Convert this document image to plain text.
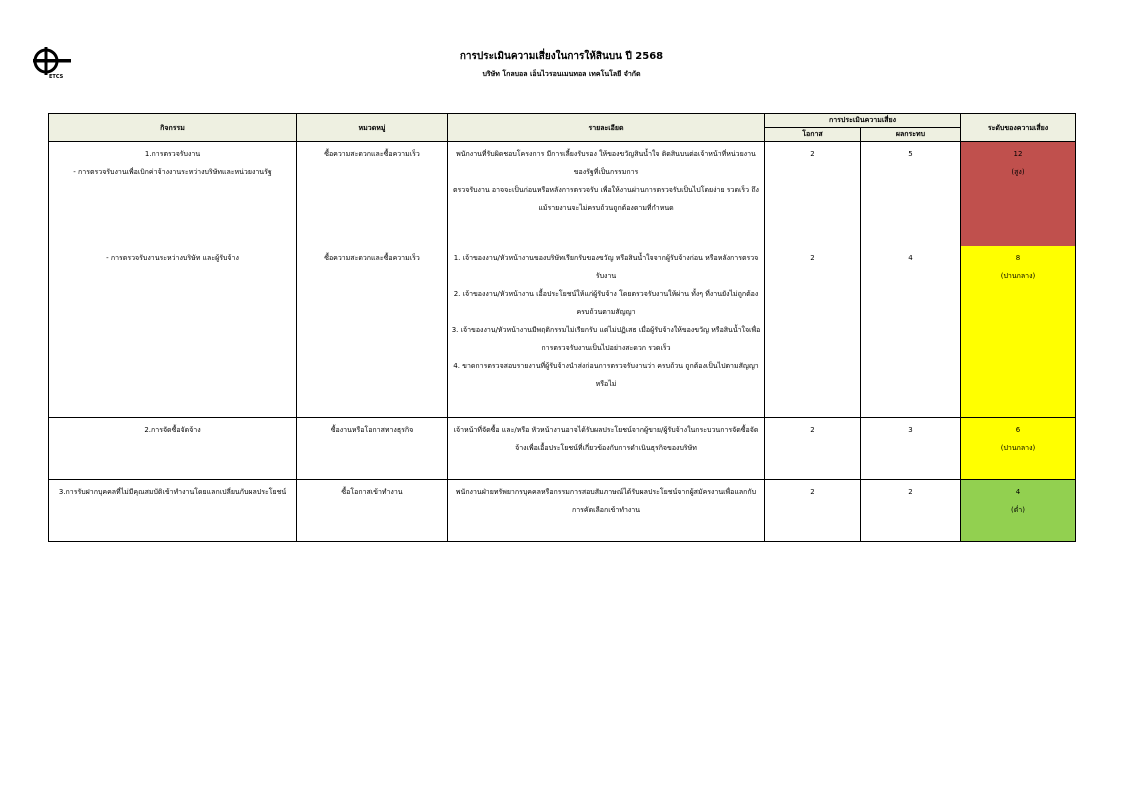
ETCS
การประเมินความเสี่ยงในการให้สินบน ปี 2568
บริษัท โกลบอล เอ็นไวรอนเมนทอล เทคโนโลยี จำกัด
กิจกรรม	หมวดหมู่	รายละเอียด	การประเมินความเสี่ยง		ระดับของความเสี่ยง
			โอกาส	ผลกระทบ	

1.การตรวจรับงาน
- การตรวจรับงานเพื่อเบิกค่าจ้างงานระหว่างบริษัทและหน่วยงานรัฐ	ซื้อความสะดวกและซื้อความเร็ว	พนักงานที่รับผิดชอบโครงการ มีการเลี้ยงรับรอง ให้ของขวัญสินน้ำใจ ติดสินบนต่อเจ้าหน้าที่หน่วยงานของรัฐที่เป็นกรรมการ
ตรวจรับงาน อาจจะเป็นก่อนหรือหลังการตรวจรับ เพื่อให้งานผ่านการตรวจรับเป็นไปโดยง่าย รวดเร็ว ถึงแม้รายงานจะไม่ครบถ้วนถูกต้องตามที่กำหนด	2	5	12
(สูง)

- การตรวจรับงานระหว่างบริษัท และผู้รับจ้าง	ซื้อความสะดวกและซื้อความเร็ว	1. เจ้าของงาน/หัวหน้างานของบริษัทเรียกรับของขวัญ หรือสินน้ำใจจากผู้รับจ้างก่อน หรือหลังการตรวจรับงาน
2. เจ้าของงาน/หัวหน้างาน เอื้อประโยชน์ให้แก่ผู้รับจ้าง โดยตรวจรับงานให้ผ่าน ทั้งๆ ที่งานยังไม่ถูกต้อง ครบถ้วนตามสัญญา
3. เจ้าของงาน/หัวหน้างานมีพฤติกรรมไม่เรียกรับ แต่ไม่ปฏิเสธ เมื่อผู้รับจ้างให้ของขวัญ หรือสินน้ำใจเพื่อการตรวจรับงานเป็นไปอย่างสะดวก รวดเร็ว
4. ขาดการตรวจสอบรายงานที่ผู้รับจ้างนำส่งก่อนการตรวจรับงานว่า ครบถ้วน ถูกต้องเป็นไปตามสัญญาหรือไม่	2	4	8
(ปานกลาง)

2.การจัดซื้อจัดจ้าง	ซื้องานหรือโอกาสทางธุรกิจ	เจ้าหน้าที่จัดซื้อ และ/หรือ หัวหน้างานอาจได้รับผลประโยชน์จากผู้ขาย/ผู้รับจ้างในกระบวนการจัดซื้อจัดจ้างเพื่อเอื้อประโยชน์ที่เกี่ยวข้องกับการดำเนินธุรกิจของบริษัท	2	3	6
(ปานกลาง)

3.การรับฝากบุคคลที่ไม่มีคุณสมบัติเข้าทำงานโดยแลกเปลี่ยนกับผลประโยชน์	ซื้อโอกาสเข้าทำงาน	พนักงานฝ่ายทรัพยากรบุคคลหรือกรรมการสอบสัมภาษณ์ได้รับผลประโยชน์จากผู้สมัครงานเพื่อแลกกับการคัดเลือกเข้าทำงาน	2	2	4
(ต่ำ)
